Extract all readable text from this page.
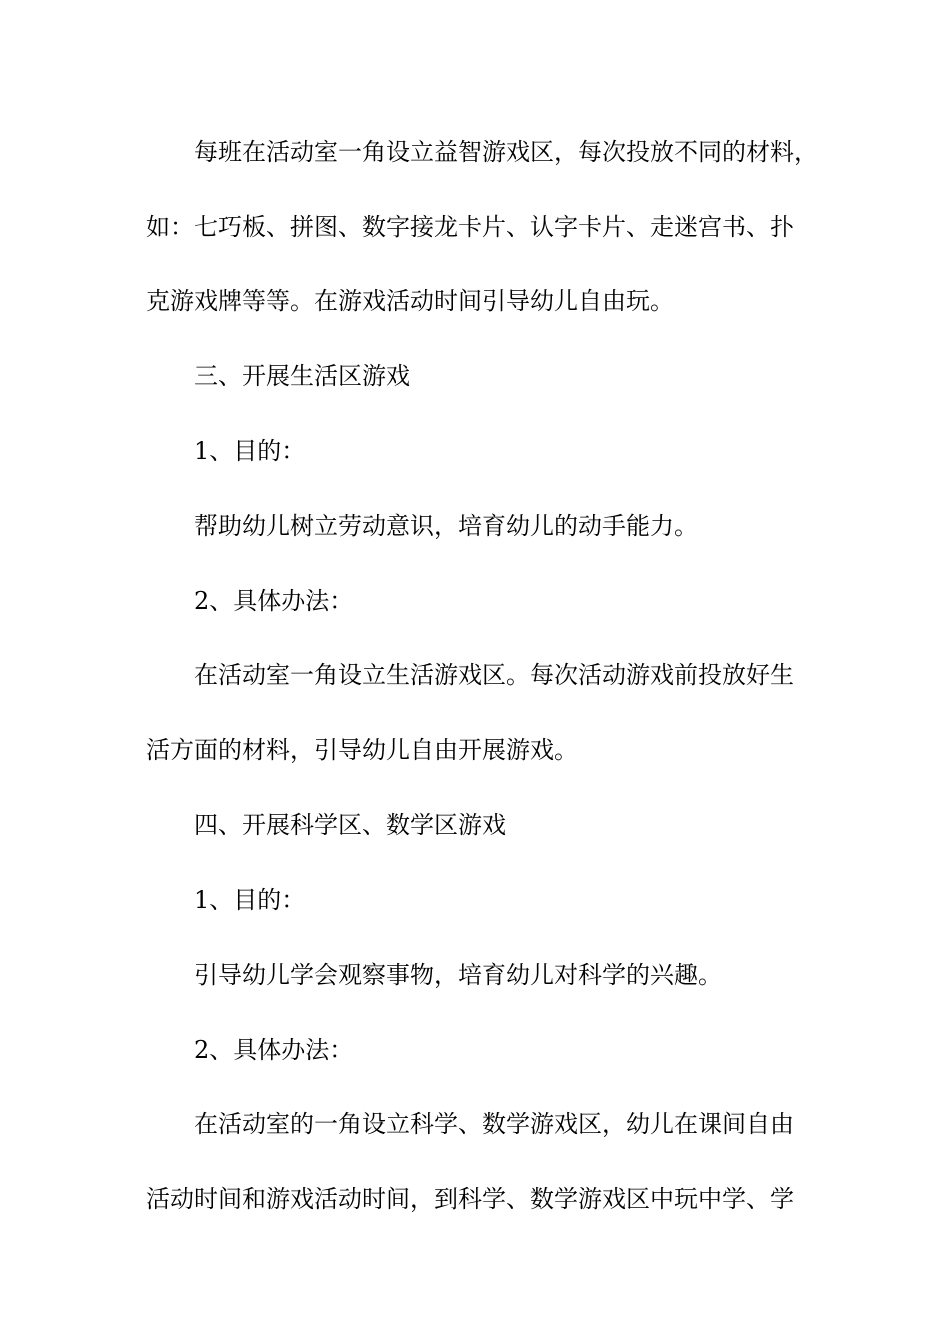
每班在活动室一角设立益智游戏区，每次投放不同的材料，
如：七巧板、拼图、数字接龙卡片、认字卡片、走迷宫书、扑
克游戏牌等等。在游戏活动时间引导幼儿自由玩。
三、开展生活区游戏
1、目的：
帮助幼儿树立劳动意识，培育幼儿的动手能力。
2、具体办法：
在活动室一角设立生活游戏区。每次活动游戏前投放好生
活方面的材料，引导幼儿自由开展游戏。
四、开展科学区、数学区游戏
1、目的：
引导幼儿学会观察事物，培育幼儿对科学的兴趣。
2、具体办法：
在活动室的一角设立科学、数学游戏区，幼儿在课间自由
活动时间和游戏活动时间，到科学、数学游戏区中玩中学、学
